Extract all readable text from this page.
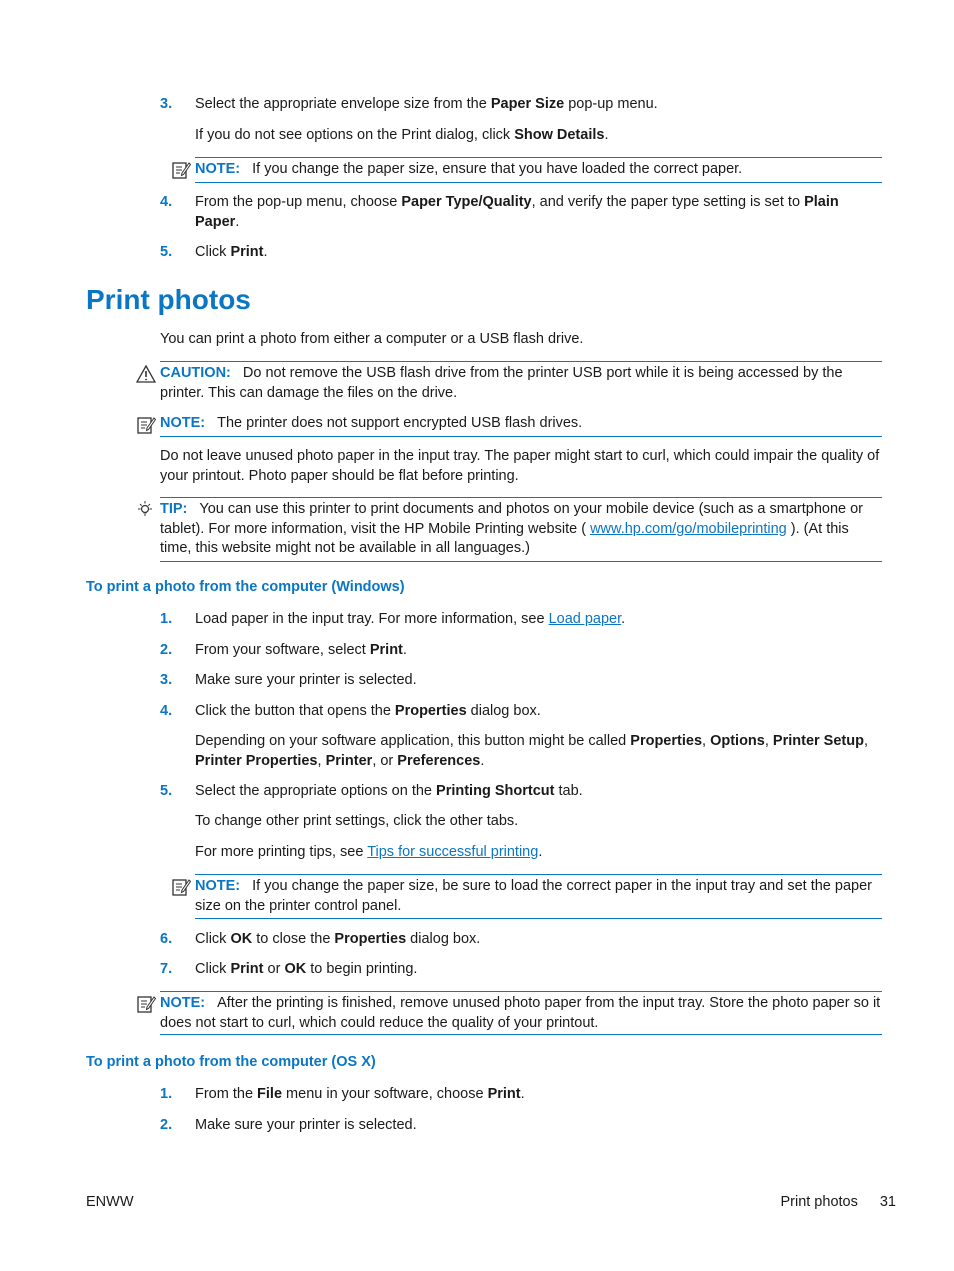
3. Select the appropriate envelope size from the Paper Size pop-up menu.
If you do not see options on the Print dialog, click Show Details.
NOTE: If you change the paper size, ensure that you have loaded the correct paper.
4. From the pop-up menu, choose Paper Type/Quality, and verify the paper type setting is set to Plain Paper.
5. Click Print.
Print photos
You can print a photo from either a computer or a USB flash drive.
CAUTION: Do not remove the USB flash drive from the printer USB port while it is being accessed by the printer. This can damage the files on the drive.
NOTE: The printer does not support encrypted USB flash drives.
Do not leave unused photo paper in the input tray. The paper might start to curl, which could impair the quality of your printout. Photo paper should be flat before printing.
TIP: You can use this printer to print documents and photos on your mobile device (such as a smartphone or tablet). For more information, visit the HP Mobile Printing website ( www.hp.com/go/mobileprinting ). (At this time, this website might not be available in all languages.)
To print a photo from the computer (Windows)
1. Load paper in the input tray. For more information, see Load paper.
2. From your software, select Print.
3. Make sure your printer is selected.
4. Click the button that opens the Properties dialog box.
Depending on your software application, this button might be called Properties, Options, Printer Setup, Printer Properties, Printer, or Preferences.
5. Select the appropriate options on the Printing Shortcut tab.
To change other print settings, click the other tabs.
For more printing tips, see Tips for successful printing.
NOTE: If you change the paper size, be sure to load the correct paper in the input tray and set the paper size on the printer control panel.
6. Click OK to close the Properties dialog box.
7. Click Print or OK to begin printing.
NOTE: After the printing is finished, remove unused photo paper from the input tray. Store the photo paper so it does not start to curl, which could reduce the quality of your printout.
To print a photo from the computer (OS X)
1. From the File menu in your software, choose Print.
2. Make sure your printer is selected.
ENWW	Print photos 31
